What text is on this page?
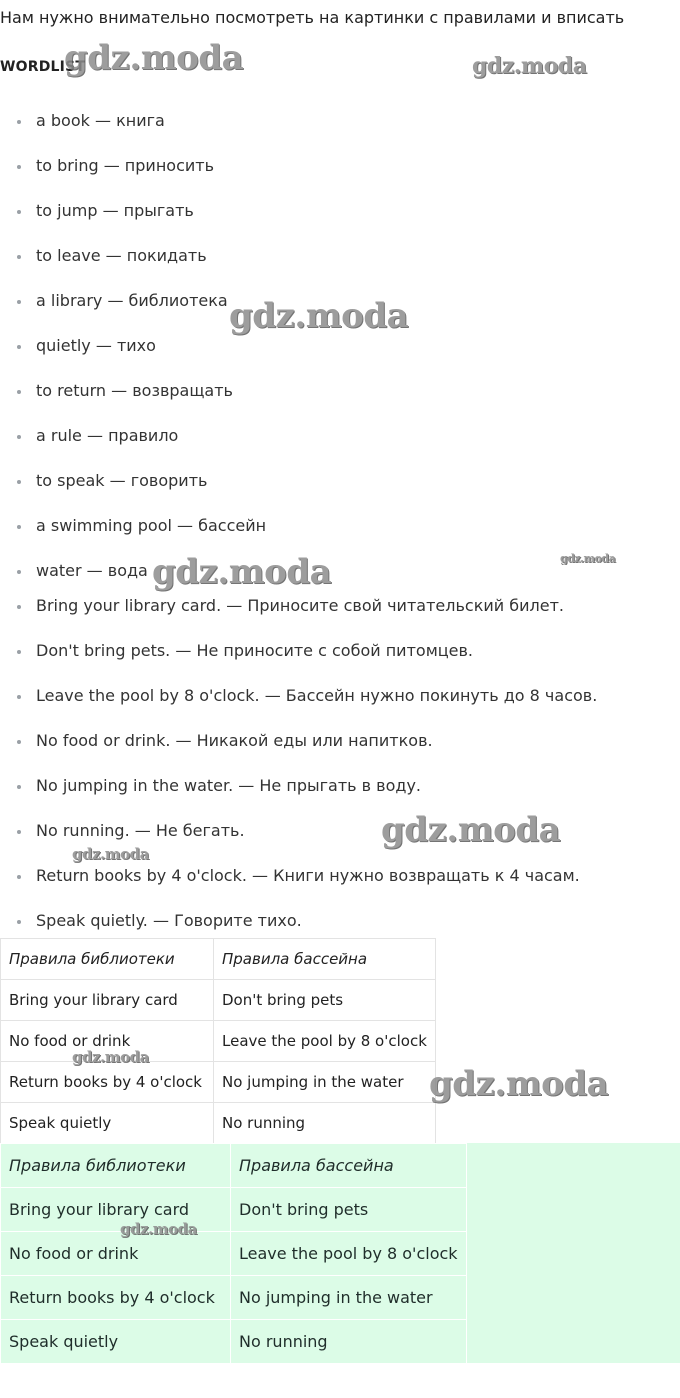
Нам нужно внимательно посмотреть на картинки с правилами и вписать
WORDLIST
a book — книга
to bring — приносить
to jump — прыгать
to leave — покидать
a library — библиотека
quietly — тихо
to return — возвращать
a rule — правило
to speak — говорить
a swimming pool — бассейн
water — вода
Bring your library card. — Приносите свой читательский билет.
Don't bring pets. — Не приносите с собой питомцев.
Leave the pool by 8 o'clock. — Бассейн нужно покинуть до 8 часов.
No food or drink. — Никакой еды или напитков.
No jumping in the water. — Не прыгать в воду.
No running. — Не бегать.
Return books by 4 o'clock. — Книги нужно возвращать к 4 часам.
Speak quietly. — Говорите тихо.
Правила библиотеки	Правила бассейна
Bring your library card	Don't bring pets
No food or drink	Leave the pool by 8 o'clock
Return books by 4 o'clock	No jumping in the water
Speak quietly	No running
Правила библиотеки	Правила бассейна
Bring your library card	Don't bring pets
No food or drink	Leave the pool by 8 o'clock
Return books by 4 o'clock	No jumping in the water
Speak quietly	No running
gdz.moda	gdz.moda
gdz.moda
gdz.moda	gdz.moda
gdz.moda
gdz.moda
gdz.moda
gdz.moda
gdz.moda
